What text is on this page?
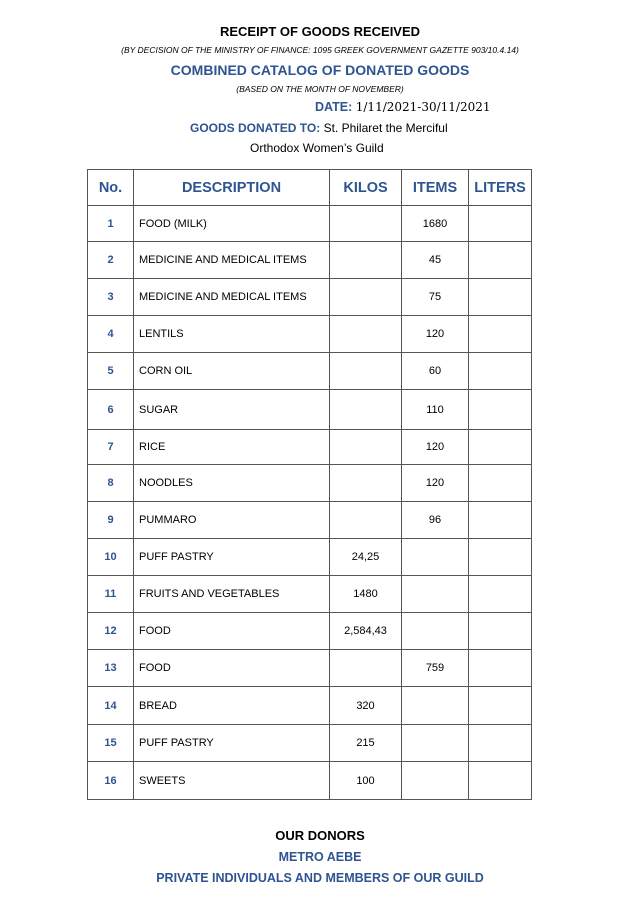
RECEIPT OF GOODS RECEIVED
(BY DECISION OF THE MINISTRY OF FINANCE: 1095 GREEK GOVERNMENT GAZETTE 903/10.4.14)
COMBINED CATALOG OF DONATED GOODS
(BASED ON THE MONTH OF NOVEMBER)
DATE: 1/11/2021-30/11/2021
GOODS DONATED TO: St. Philaret the Merciful
Orthodox Women’s Guild
No.	DESCRIPTION	KILOS	ITEMS	LITERS
1	FOOD (MILK)		1680	
2	MEDICINE AND MEDICAL ITEMS		45	
3	MEDICINE AND MEDICAL ITEMS		75	
4	LENTILS		120	
5	CORN OIL		60	
6	SUGAR		110	
7	RICE		120	
8	NOODLES		120	
9	PUMMARO		96	
10	PUFF PASTRY	24,25		
11	FRUITS AND VEGETABLES	1480		
12	FOOD	2,584,43		
13	FOOD		759	
14	BREAD	320		
15	PUFF PASTRY	215		
16	SWEETS	100		
OUR DONORS
METRO AEBE
PRIVATE INDIVIDUALS AND MEMBERS OF OUR GUILD
